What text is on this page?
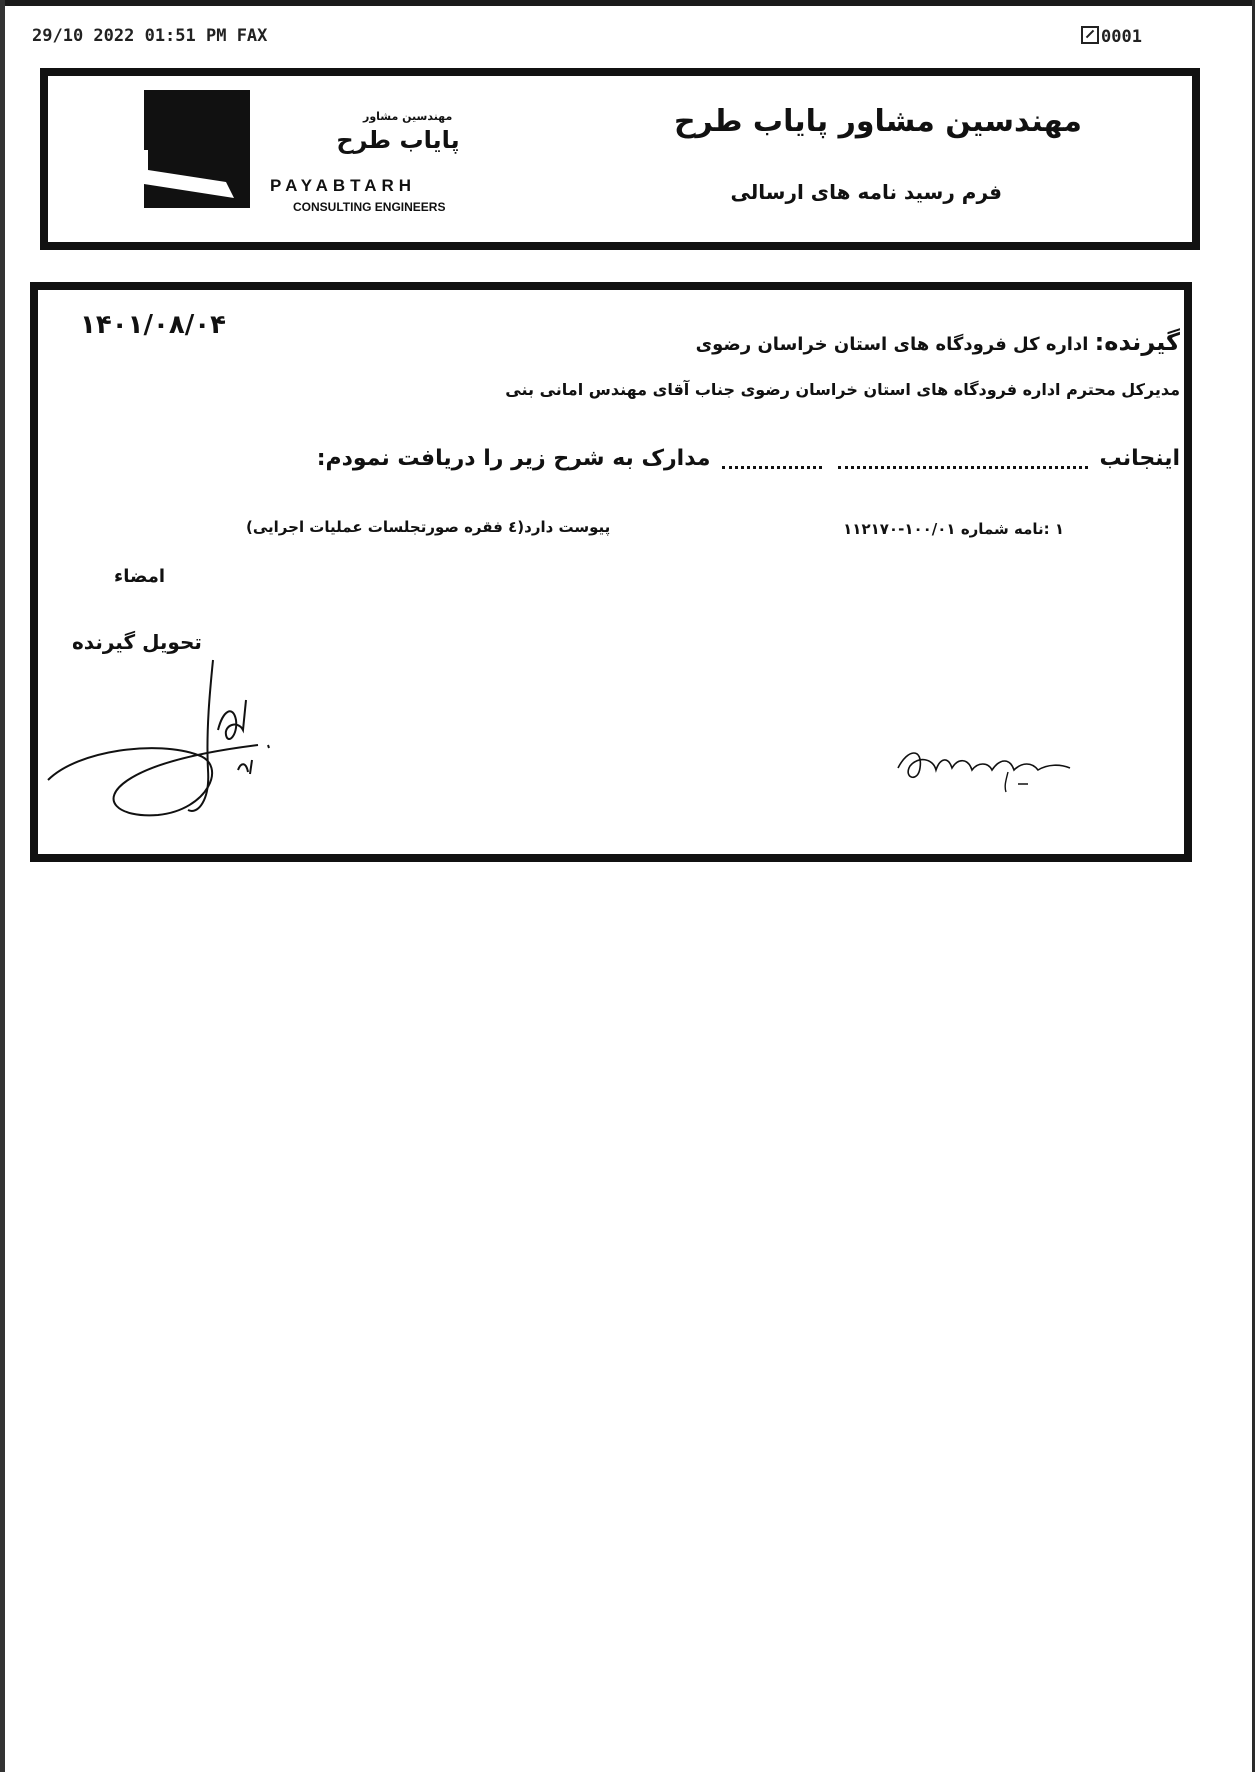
29/10 2022 01:51 PM FAX	0001
مهندسین مشاور
پایاب طرح
PAYABTARH
CONSULTING ENGINEERS
مهندسین مشاور پایاب طرح
فرم رسید نامه های ارسالی
۱۴۰۱/۰۸/۰۴
گیرنده: اداره کل فرودگاه های استان خراسان رضوی
مدیرکل محترم اداره فرودگاه های استان خراسان رضوی جناب آقای مهندس امانی بنی
اینجانب   مدارک به شرح زیر را دریافت نمودم:
۱ :نامه شماره ۱۰۰/۰۱-۱۱۲۱۷۰
پیوست دارد(٤ فقره صورتجلسات عملیات اجرایی)
امضاء
تحویل گیرنده
